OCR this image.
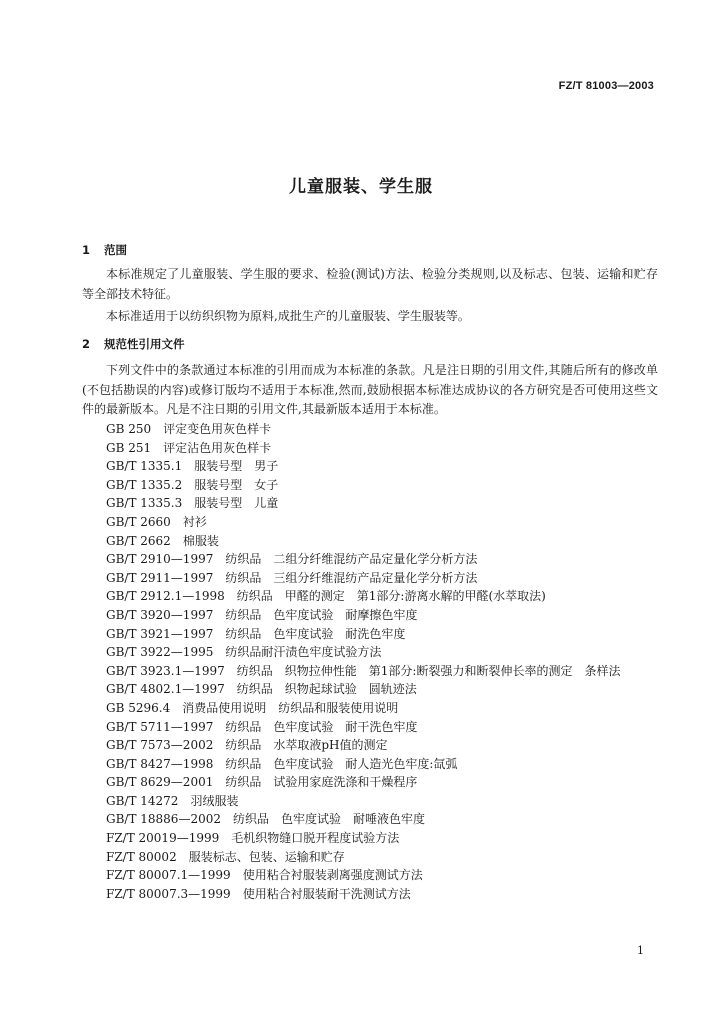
FZ/T 81003—2003
儿童服装、学生服
1 范围

本标准规定了儿童服装、学生服的要求、检验(测试)方法、检验分类规则,以及标志、包装、运输和贮存等全部技术特征。

本标准适用于以纺织织物为原料,成批生产的儿童服装、学生服装等。

2 规范性引用文件

下列文件中的条款通过本标准的引用而成为本标准的条款。凡是注日期的引用文件,其随后所有的修改单(不包括勘误的内容)或修订版均不适用于本标准,然而,鼓励根据本标准达成协议的各方研究是否可使用这些文件的最新版本。凡是不注日期的引用文件,其最新版本适用于本标准。

GB 250 评定变色用灰色样卡
GB 251 评定沾色用灰色样卡
GB/T 1335.1 服装号型　男子
GB/T 1335.2 服装号型　女子
GB/T 1335.3 服装号型　儿童
GB/T 2660 衬衫
GB/T 2662 棉服装
GB/T 2910—1997 纺织品　二组分纤维混纺产品定量化学分析方法
GB/T 2911—1997 纺织品　三组分纤维混纺产品定量化学分析方法
GB/T 2912.1—1998 纺织品　甲醛的测定　第1部分:游离水解的甲醛(水萃取法)
GB/T 3920—1997 纺织品　色牢度试验　耐摩擦色牢度
GB/T 3921—1997 纺织品　色牢度试验　耐洗色牢度
GB/T 3922—1995 纺织品耐汗渍色牢度试验方法
GB/T 3923.1—1997 纺织品　织物拉伸性能　第1部分:断裂强力和断裂伸长率的测定　条样法
GB/T 4802.1—1997 纺织品　织物起球试验　圆轨迹法
GB 5296.4 消费品使用说明　纺织品和服装使用说明
GB/T 5711—1997 纺织品　色牢度试验　耐干洗色牢度
GB/T 7573—2002 纺织品　水萃取液pH值的测定
GB/T 8427—1998 纺织品　色牢度试验　耐人造光色牢度:氙弧
GB/T 8629—2001 纺织品　试验用家庭洗涤和干燥程序
GB/T 14272 羽绒服装
GB/T 18886—2002 纺织品　色牢度试验　耐唾液色牢度
FZ/T 20019—1999 毛机织物缝口脱开程度试验方法
FZ/T 80002 服装标志、包装、运输和贮存
FZ/T 80007.1—1999 使用粘合衬服装剥离强度测试方法
FZ/T 80007.3—1999 使用粘合衬服装耐干洗测试方法
1
